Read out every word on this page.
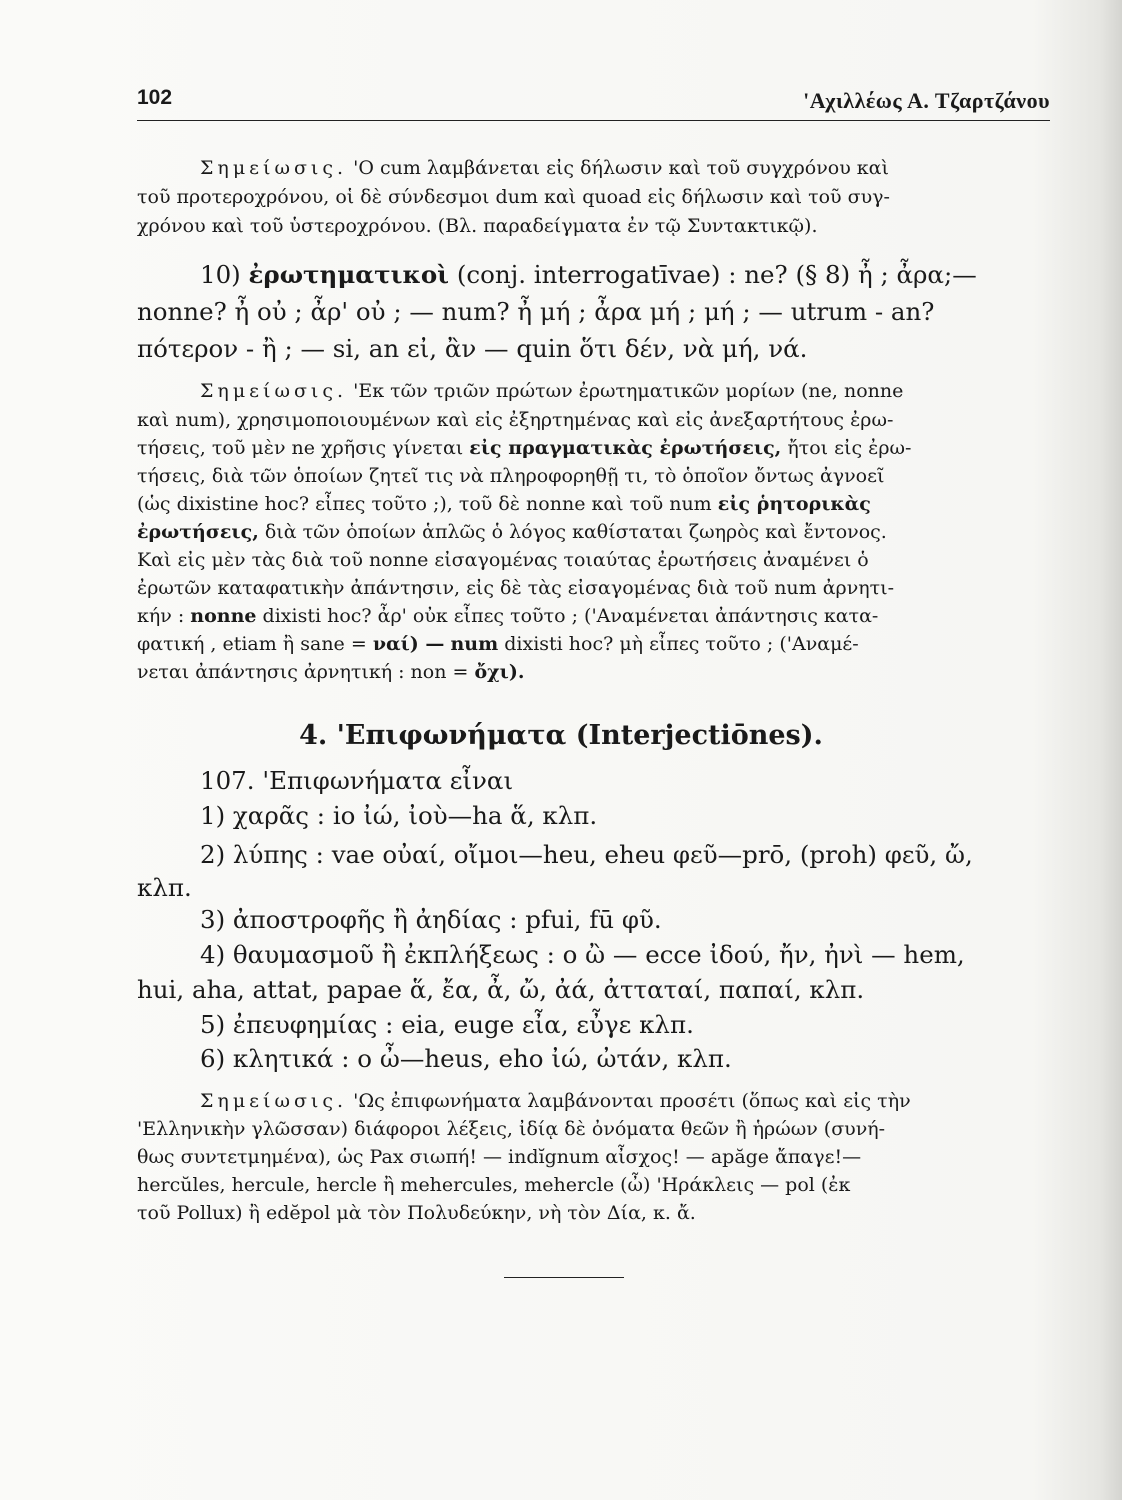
102	'Αχιλλέως Α. Τζαρτζάνου
Σημείωσις. 'Ο cum λαμβάνεται εἰς δήλωσιν καὶ τοῦ συγχρόνου καὶ
τοῦ προτεροχρόνου, οἱ δὲ σύνδεσμοι dum καὶ quoad εἰς δήλωσιν καὶ τοῦ συγ-
χρόνου καὶ τοῦ ὑστεροχρόνου. (Βλ. παραδείγματα ἐν τῷ Συντακτικῷ).
10) ἐρωτηματικοὶ (conj. interrogatīvae) : ne? (§ 8) ἦ ; ἆρα;—
nonne? ἦ οὐ ; ἆρ' οὐ ; — num? ἦ μή ; ἆρα μή ; μή ; — utrum - an?
πότερον - ἢ ; — si, an εἰ, ἂν — quin ὅτι δέν, νὰ μή, νά.
Σημείωσις. 'Εκ τῶν τριῶν πρώτων ἐρωτηματικῶν μορίων (ne, nonne
καὶ num), χρησιμοποιουμένων καὶ εἰς ἐξηρτημένας καὶ εἰς ἀνεξαρτήτους ἐρω-
τήσεις, τοῦ μὲν ne χρῆσις γίνεται εἰς πραγματικὰς ἐρωτήσεις, ἤτοι εἰς ἐρω-
τήσεις, διὰ τῶν ὁποίων ζητεῖ τις νὰ πληροφορηθῇ τι, τὸ ὁποῖον ὄντως ἀγνοεῖ
(ὡς dixistine hoc? εἶπες τοῦτο ;), τοῦ δὲ nonne καὶ τοῦ num εἰς ῥητορικὰς
ἐρωτήσεις, διὰ τῶν ὁποίων ἁπλῶς ὁ λόγος καθίσταται ζωηρὸς καὶ ἔντονος.
Καὶ εἰς μὲν τὰς διὰ τοῦ nonne εἰσαγομένας τοιαύτας ἐρωτήσεις ἀναμένει ὁ
ἐρωτῶν καταφατικὴν ἀπάντησιν, εἰς δὲ τὰς εἰσαγομένας διὰ τοῦ num ἀρνητι-
κήν : nonne dixisti hoc? ἆρ' οὐκ εἶπες τοῦτο ; ('Αναμένεται ἀπάντησις κατα-
φατική , etiam ἢ sane = ναί) — num dixisti hoc? μὴ εἶπες τοῦτο ; ('Αναμέ-
νεται ἀπάντησις ἀρνητική : non = ὄχι).
4. 'Επιφωνήματα (Interjectiōnes).
107. 'Επιφωνήματα εἶναι
1) χαρᾶς : io ἰώ, ἰοὺ—ha ἅ, κλπ.
2) λύπης : vae οὐαί, οἴμοι—heu, eheu φεῦ—prō, (proh) φεῦ, ὤ,
κλπ.
3) ἀποστροφῆς ἢ ἀηδίας : pfui, fū φῦ.
4) θαυμασμοῦ ἢ ἐκπλήξεως : o ὢ — ecce ἰδού, ἤν, ἠνὶ — hem,
hui, aha, attat, papae ἅ, ἔα, ἆ, ὤ, ἀά, ἀτταταί, παπαί, κλπ.
5) ἐπευφημίας : eia, euge εἶα, εὖγε κλπ.
6) κλητικά : o ὦ—heus, eho ἰώ, ὠτάν, κλπ.
Σημείωσις. 'Ως ἐπιφωνήματα λαμβάνονται προσέτι (ὅπως καὶ εἰς τὴν
'Ελληνικὴν γλῶσσαν) διάφοροι λέξεις, ἰδίᾳ δὲ ὀνόματα θεῶν ἢ ἡρώων (συνή-
θως συντετμημένα), ὡς Pax σιωπή! — indĭgnum αἶσχος! — apăge ἄπαγε!—
hercŭles, hercule, hercle ἢ mehercules, mehercle (ὦ) 'Ηράκλεις — pol (ἐκ
τοῦ Pollux) ἢ edĕpol μὰ τὸν Πολυδεύκην, νὴ τὸν Δία, κ. ἄ.
